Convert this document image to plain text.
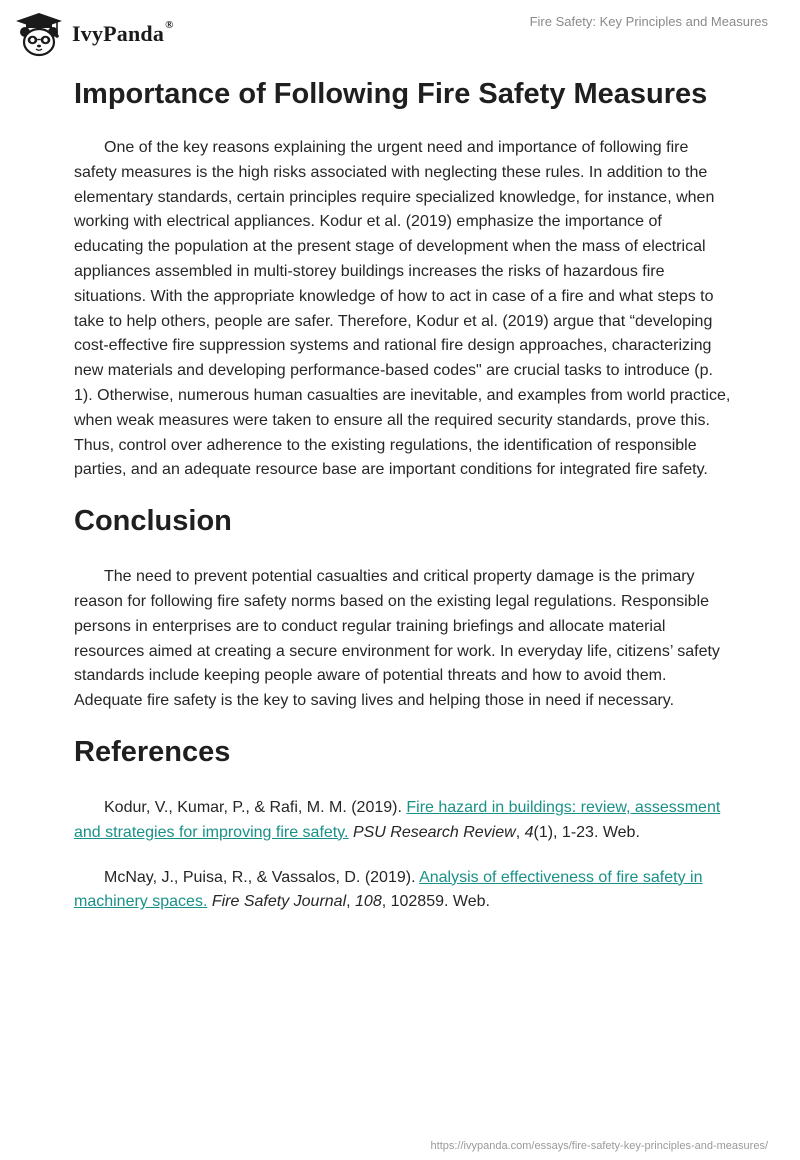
IvyPanda®	Fire Safety: Key Principles and Measures
Importance of Following Fire Safety Measures

One of the key reasons explaining the urgent need and importance of following fire safety measures is the high risks associated with neglecting these rules. In addition to the elementary standards, certain principles require specialized knowledge, for instance, when working with electrical appliances. Kodur et al. (2019) emphasize the importance of educating the population at the present stage of development when the mass of electrical appliances assembled in multi-storey buildings increases the risks of hazardous fire situations. With the appropriate knowledge of how to act in case of a fire and what steps to take to help others, people are safer. Therefore, Kodur et al. (2019) argue that “developing cost-effective fire suppression systems and rational fire design approaches, characterizing new materials and developing performance-based codes" are crucial tasks to introduce (p. 1). Otherwise, numerous human casualties are inevitable, and examples from world practice, when weak measures were taken to ensure all the required security standards, prove this. Thus, control over adherence to the existing regulations, the identification of responsible parties, and an adequate resource base are important conditions for integrated fire safety.

Conclusion

The need to prevent potential casualties and critical property damage is the primary reason for following fire safety norms based on the existing legal regulations. Responsible persons in enterprises are to conduct regular training briefings and allocate material resources aimed at creating a secure environment for work. In everyday life, citizens’ safety standards include keeping people aware of potential threats and how to avoid them. Adequate fire safety is the key to saving lives and helping those in need if necessary.

References

Kodur, V., Kumar, P., & Rafi, M. M. (2019). Fire hazard in buildings: review, assessment and strategies for improving fire safety. PSU Research Review, 4(1), 1-23. Web.

McNay, J., Puisa, R., & Vassalos, D. (2019). Analysis of effectiveness of fire safety in machinery spaces. Fire Safety Journal, 108, 102859. Web.

https://ivypanda.com/essays/fire-safety-key-principles-and-measures/
